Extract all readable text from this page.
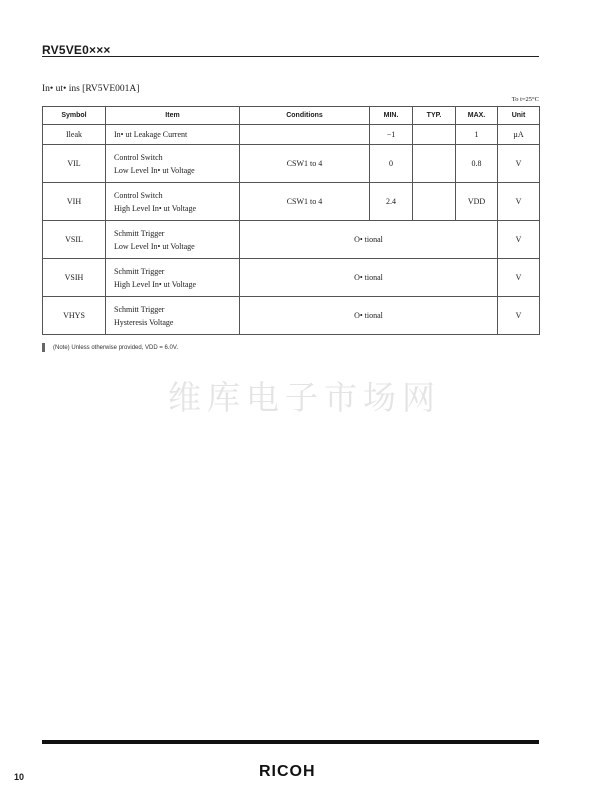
RV5VE0×××
In• ut• ins [RV5VE001A]
To t=25°C
Symbol	Item	Conditions	MIN.	TYP.	MAX.	Unit
Ileak	In• ut Leakage Current		−1		1	µA
VIL	Control Switch
Low Level In• ut Voltage	CSW1 to 4	0		0.8	V
VIH	Control Switch
High Level In• ut Voltage	CSW1 to 4	2.4		VDD	V
VSIL	Schmitt Trigger
Low Level In• ut Voltage	O• tional				V
VSIH	Schmitt Trigger
High Level In• ut Voltage	O• tional				V
VHYS	Schmitt Trigger
Hysteresis Voltage	O• tional				V
(Note) Unless otherwise provided, VDD = 6.0V.
维库电子市场网
10	RICOH
